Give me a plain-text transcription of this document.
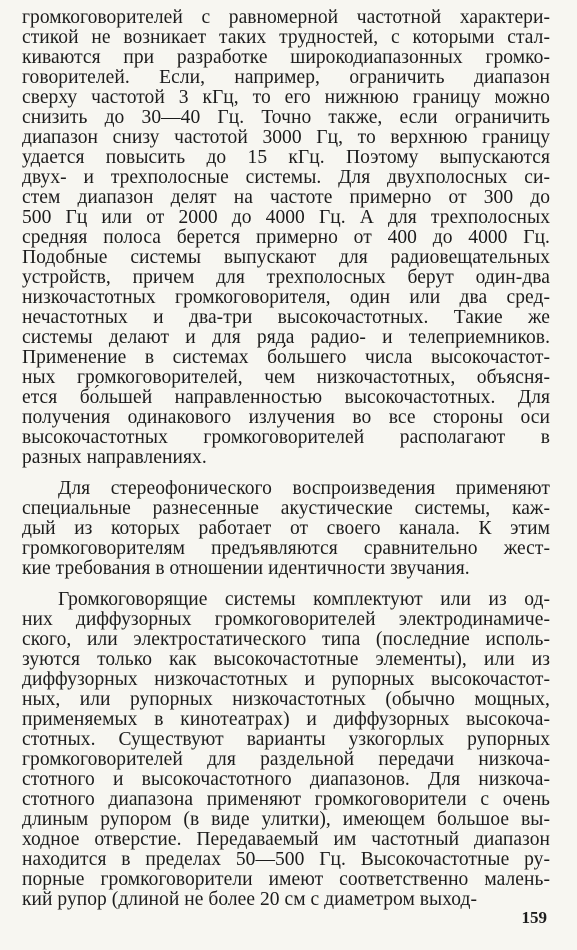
громкоговорителей с равномерной частотной характери-
стикой не возникает таких трудностей, с которыми стал-
киваются при разработке широкодиапазонных громко-
говорителей. Если, например, ограничить диапазон
сверху частотой 3 кГц, то его нижнюю границу можно
снизить до 30—40 Гц. Точно также, если ограничить
диапазон снизу частотой 3000 Гц, то верхнюю границу
удается повысить до 15 кГц. Поэтому выпускаются
двух- и трехполосные системы. Для двухполосных си-
стем диапазон делят на частоте примерно от 300 до
500 Гц или от 2000 до 4000 Гц. А для трехполосных
средняя полоса берется примерно от 400 до 4000 Гц.
Подобные системы выпускают для радиовещательных
устройств, причем для трехполосных берут один-два
низкочастотных громкоговорителя, один или два сред-
нечастотных и два-три высокочастотных. Такие же
системы делают и для ряда радио- и телеприемников.
Применение в системах бо́льшего числа высокочастот-
ных громкоговорителей, чем низкочастотных, объясня-
ется бо́льшей направленностью высокочастотных. Для
получения одинакового излучения во все стороны оси
высокочастотных громкоговорителей располагают в
разных направлениях.
Для стереофонического воспроизведения применяют
специальные разнесенные акустические системы, каж-
дый из которых работает от своего канала. К этим
громкоговорителям предъявляются сравнительно жест-
кие требования в отношении идентичности звучания.
Громкоговорящие системы комплектуют или из од-
них диффузорных громкоговорителей электродинамиче-
ского, или электростатического типа (последние исполь-
зуются только как высокочастотные элементы), или из
диффузорных низкочастотных и рупорных высокочастот-
ных, или рупорных низкочастотных (обычно мощных,
применяемых в кинотеатрах) и диффузорных высокоча-
стотных. Существуют варианты узкогорлых рупорных
громкоговорителей для раздельной передачи низкоча-
стотного и высокочастотного диапазонов. Для низкоча-
стотного диапазона применяют громкоговорители с очень
длиным рупором (в виде улитки), имеющем большое вы-
ходное отверстие. Передаваемый им частотный диапазон
находится в пределах 50—500 Гц. Высокочастотные ру-
порные громкоговорители имеют соответственно малень-
кий рупор (длиной не более 20 см с диаметром выход-
159
